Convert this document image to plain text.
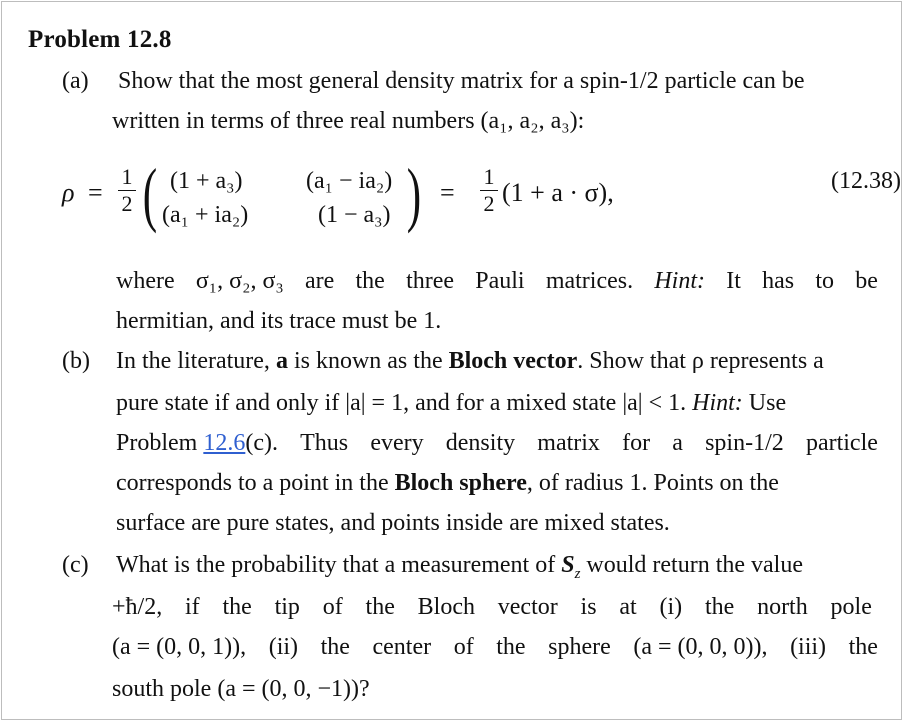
Problem 12.8
(a) Show that the most general density matrix for a spin-1/2 particle can be
written in terms of three real numbers (a₁, a₂, a₃):
ρ =
1
2 ( (1 + a₃)	(a₁ − ia₂)
(a₁ + ia₂)	(1 − a₃) ) =
1
2 (1 + a · σ),	(12.38)
where σ₁, σ₂, σ₃ are the three Pauli matrices. Hint: It has to be
hermitian, and its trace must be 1.
(b) In the literature, a is known as the Bloch vector. Show that ρ represents a
pure state if and only if |a| = 1, and for a mixed state |a| < 1. Hint: Use
Problem 12.6(c). Thus every density matrix for a spin-1/2 particle
corresponds to a point in the Bloch sphere, of radius 1. Points on the
surface are pure states, and points inside are mixed states.
(c) What is the probability that a measurement of $S_z$ would return the value
+ħ/2, if the tip of the Bloch vector is at (i) the north pole
(a = (0, 0, 1)), (ii) the center of the sphere (a = (0, 0, 0)), (iii) the
south pole (a = (0, 0, −1))?
